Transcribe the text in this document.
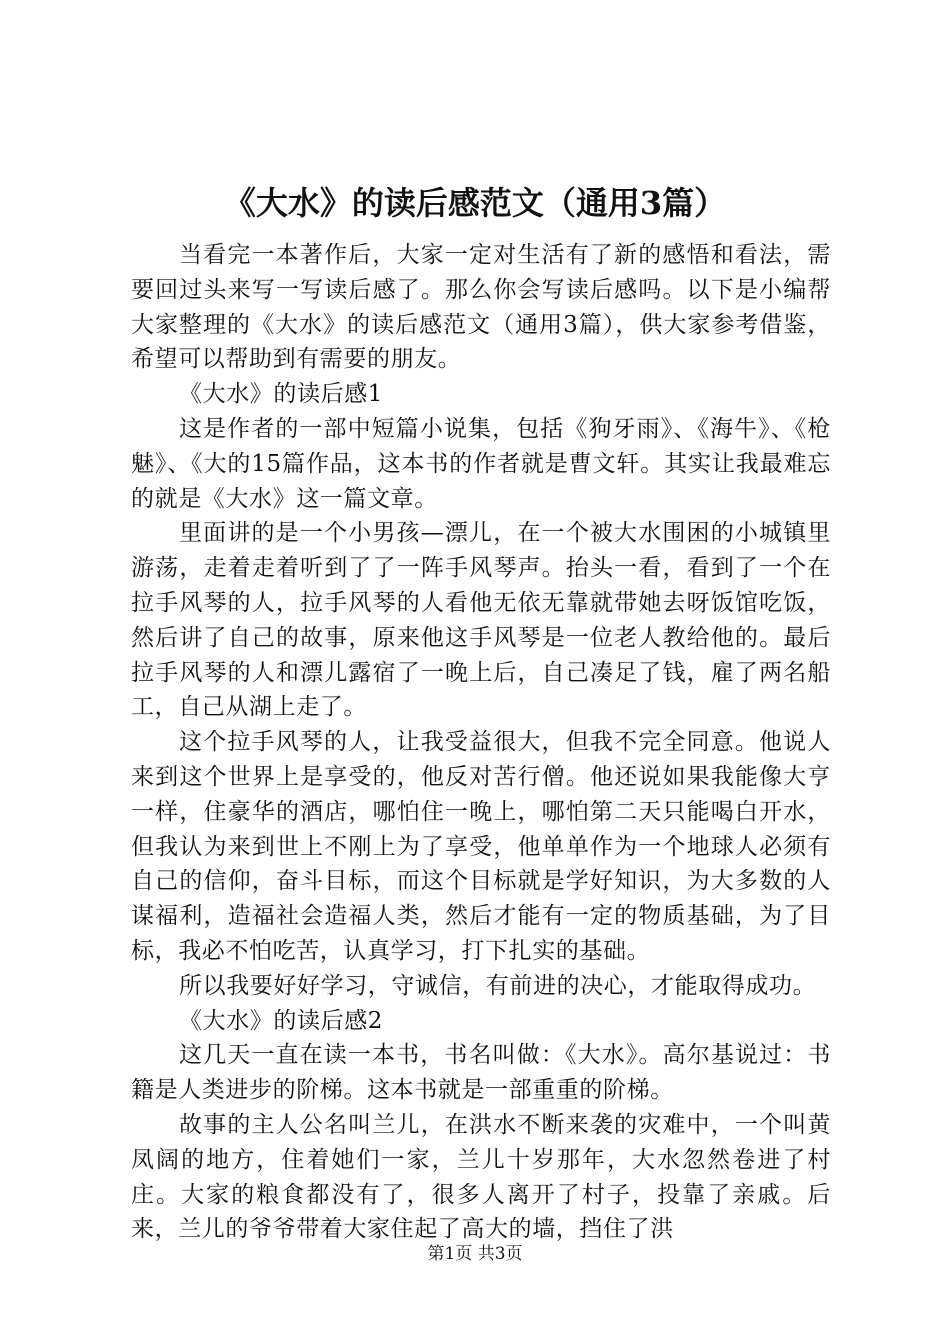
《大水》的读后感范文（通用3篇）

当看完一本著作后，大家一定对生活有了新的感悟和看法，需要回过头来写一写读后感了。那么你会写读后感吗。以下是小编帮大家整理的《大水》的读后感范文（通用3篇），供大家参考借鉴，希望可以帮助到有需要的朋友。

《大水》的读后感1

这是作者的一部中短篇小说集，包括《狗牙雨》、《海牛》、《枪魅》、《大的15篇作品，这本书的作者就是曹文轩。其实让我最难忘的就是《大水》这一篇文章。

里面讲的是一个小男孩—漂儿，在一个被大水围困的小城镇里游荡，走着走着听到了了一阵手风琴声。抬头一看，看到了一个在拉手风琴的人，拉手风琴的人看他无依无靠就带她去呀饭馆吃饭，然后讲了自己的故事，原来他这手风琴是一位老人教给他的。最后拉手风琴的人和漂儿露宿了一晚上后，自己凑足了钱，雇了两名船工，自己从湖上走了。

这个拉手风琴的人，让我受益很大，但我不完全同意。他说人来到这个世界上是享受的，他反对苦行僧。他还说如果我能像大亨一样，住豪华的酒店，哪怕住一晚上，哪怕第二天只能喝白开水，但我认为来到世上不刚上为了享受，他单单作为一个地球人必须有自己的信仰，奋斗目标，而这个目标就是学好知识，为大多数的人谋福利，造福社会造福人类，然后才能有一定的物质基础，为了目标，我必不怕吃苦，认真学习，打下扎实的基础。

所以我要好好学习，守诚信，有前进的决心，才能取得成功。

《大水》的读后感2

这几天一直在读一本书，书名叫做：《大水》。高尔基说过：书籍是人类进步的阶梯。这本书就是一部重重的阶梯。

故事的主人公名叫兰儿，在洪水不断来袭的灾难中，一个叫黄凤阔的地方，住着她们一家，兰儿十岁那年，大水忽然卷进了村庄。大家的粮食都没有了，很多人离开了村子，投靠了亲戚。后来，兰儿的爷爷带着大家住起了高大的墙，挡住了洪

第1页 共3页
